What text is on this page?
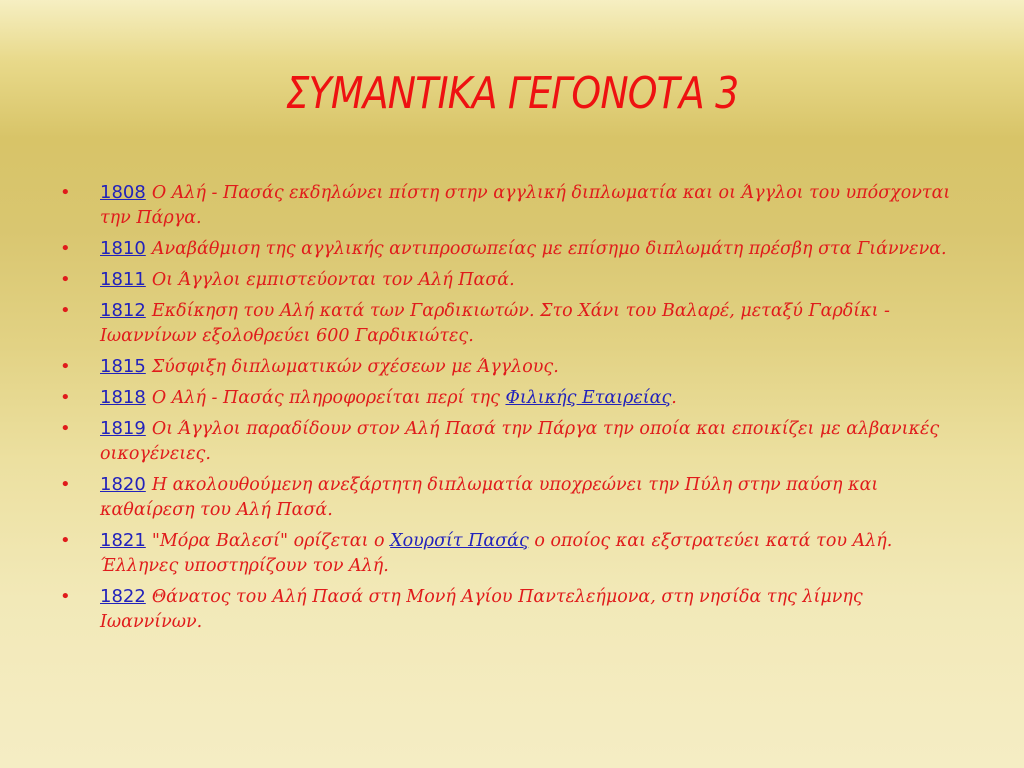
ΣΥΜΑΝΤΙΚΑ ΓΕΓΟΝΟΤΑ 3
• 1808 Ο Αλή - Πασάς εκδηλώνει πίστη στην αγγλική διπλωματία και οι Άγγλοι του υπόσχονται την Πάργα.
• 1810 Αναβάθμιση της αγγλικής αντιπροσωπείας με επίσημο διπλωμάτη πρέσβη στα Γιάννενα.
• 1811 Οι Άγγλοι εμπιστεύονται τον Αλή Πασά.
• 1812 Εκδίκηση του Αλή κατά των Γαρδικιωτών. Στο Χάνι του Βαλαρέ, μεταξύ Γαρδίκι - Ιωαννίνων εξολοθρεύει 600 Γαρδικιώτες.
• 1815 Σύσφιξη διπλωματικών σχέσεων με Άγγλους.
• 1818 Ο Αλή - Πασάς πληροφορείται περί της Φιλικής Εταιρείας.
• 1819 Οι Άγγλοι παραδίδουν στον Αλή Πασά την Πάργα την οποία και εποικίζει με αλβανικές οικογένειες.
• 1820 Η ακολουθούμενη ανεξάρτητη διπλωματία υποχρεώνει την Πύλη στην παύση και καθαίρεση του Αλή Πασά.
• 1821 "Μόρα Βαλεσί" ορίζεται ο Χουρσίτ Πασάς ο οποίος και εξστρατεύει κατά του Αλή. Έλληνες υποστηρίζουν τον Αλή.
• 1822 Θάνατος του Αλή Πασά στη Μονή Αγίου Παντελεήμονα, στη νησίδα της λίμνης Ιωαννίνων.
